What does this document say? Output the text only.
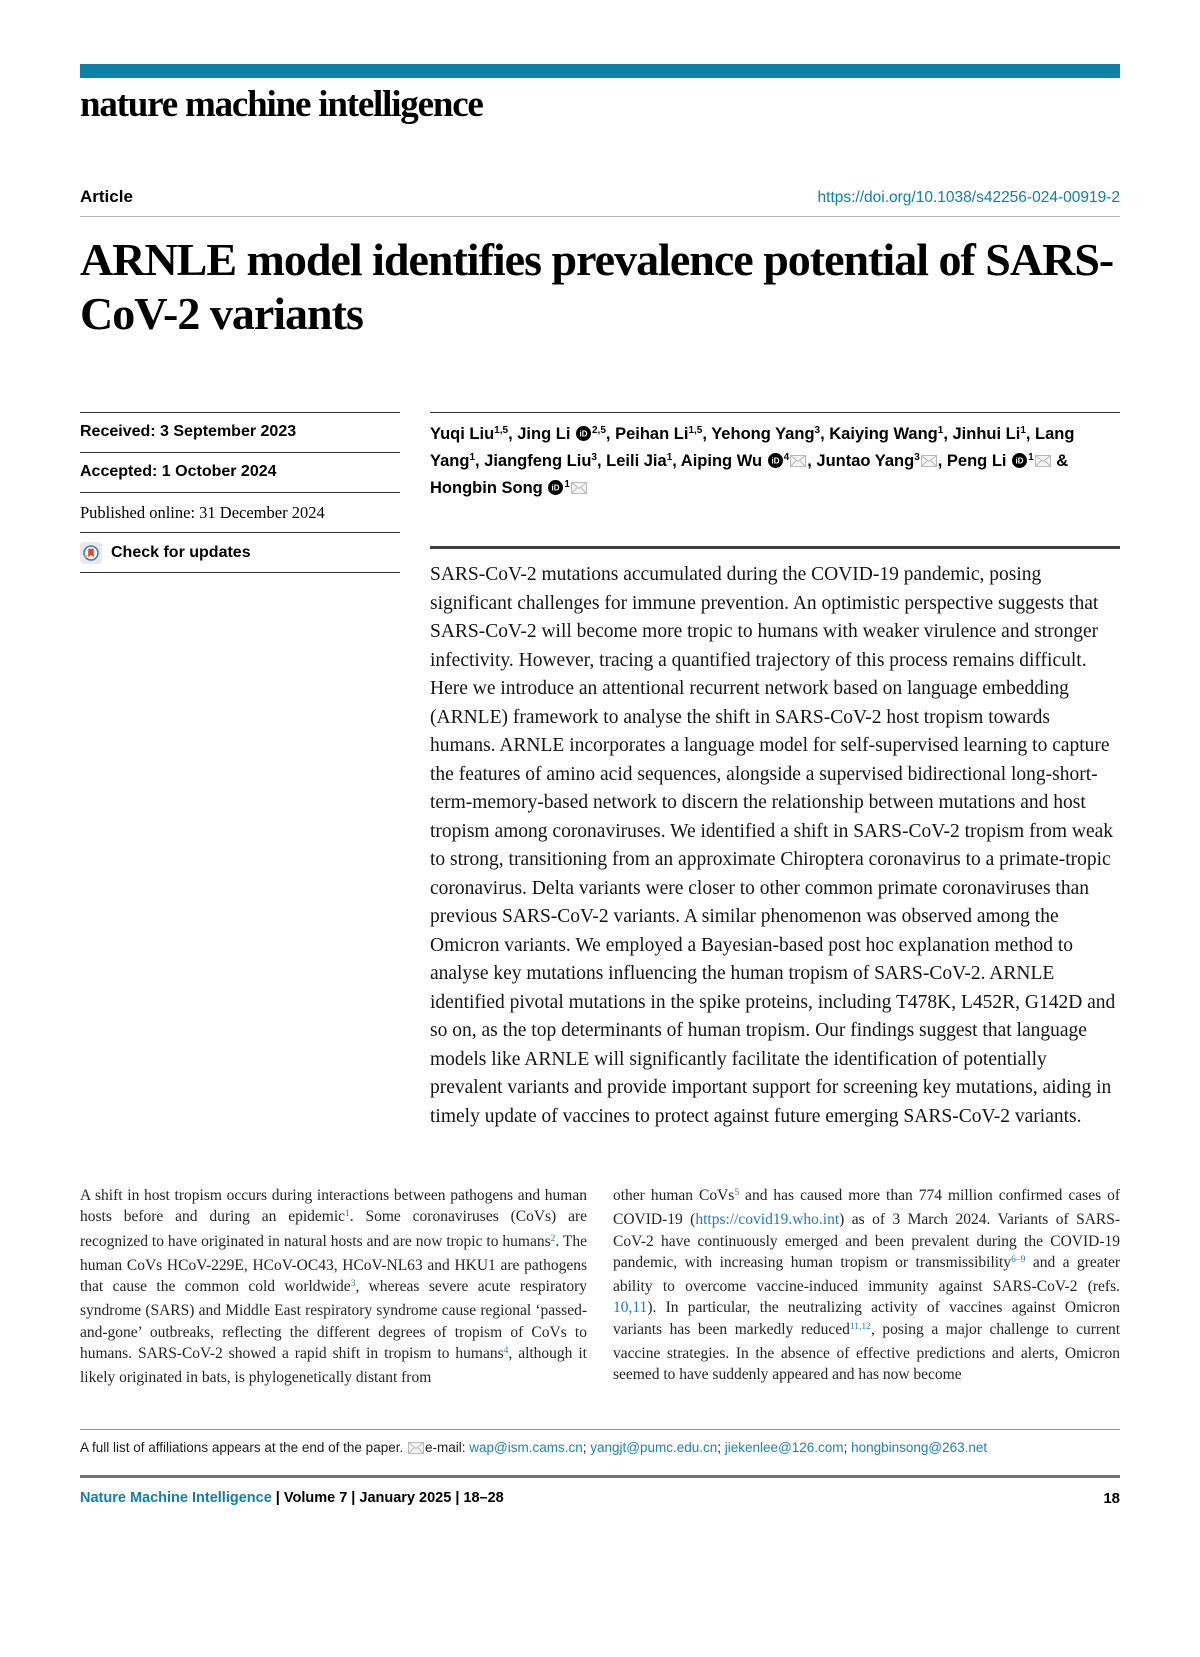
nature machine intelligence
Article	https://doi.org/10.1038/s42256-024-00919-2
ARNLE model identifies prevalence potential of SARS-CoV-2 variants
Received: 3 September 2023
Accepted: 1 October 2024
Published online: 31 December 2024
Check for updates
Yuqi Liu$^{1,5}$, Jing Li iD $^{2,5}$, Peihan Li$^{1,5}$, Yehong Yang$^3$, Kaiying Wang$^1$, Jinhui Li$^1$, Lang Yang$^1$, Jiangfeng Liu$^3$, Leili Jia$^1$, Aiping Wu iD $^4$ , Juntao Yang$^3$ , Peng Li iD $^1$ & Hongbin Song iD $^1$
SARS-CoV-2 mutations accumulated during the COVID-19 pandemic, posing significant challenges for immune prevention. An optimistic perspective suggests that SARS-CoV-2 will become more tropic to humans with weaker virulence and stronger infectivity. However, tracing a quantified trajectory of this process remains difficult. Here we introduce an attentional recurrent network based on language embedding (ARNLE) framework to analyse the shift in SARS-CoV-2 host tropism towards humans. ARNLE incorporates a language model for self-supervised learning to capture the features of amino acid sequences, alongside a supervised bidirectional long-short-term-memory-based network to discern the relationship between mutations and host tropism among coronaviruses. We identified a shift in SARS-CoV-2 tropism from weak to strong, transitioning from an approximate Chiroptera coronavirus to a primate-tropic coronavirus. Delta variants were closer to other common primate coronaviruses than previous SARS-CoV-2 variants. A similar phenomenon was observed among the Omicron variants. We employed a Bayesian-based post hoc explanation method to analyse key mutations influencing the human tropism of SARS-CoV-2. ARNLE identified pivotal mutations in the spike proteins, including T478K, L452R, G142D and so on, as the top determinants of human tropism. Our findings suggest that language models like ARNLE will significantly facilitate the identification of potentially prevalent variants and provide important support for screening key mutations, aiding in timely update of vaccines to protect against future emerging SARS-CoV-2 variants.

A shift in host tropism occurs during interactions between pathogens and human hosts before and during an epidemic$^1$. Some coronaviruses (CoVs) are recognized to have originated in natural hosts and are now tropic to humans$^2$. The human CoVs HCoV-229E, HCoV-OC43, HCoV-NL63 and HKU1 are pathogens that cause the common cold worldwide$^3$, whereas severe acute respiratory syndrome (SARS) and Middle East respiratory syndrome cause regional ‘passed-and-gone’ outbreaks, reflecting the different degrees of tropism of CoVs to humans. SARS-CoV-2 showed a rapid shift in tropism to humans$^4$, although it likely originated in bats, is phylogenetically distant from

other human CoVs$^5$ and has caused more than 774 million confirmed cases of COVID-19 (https://covid19.who.int) as of 3 March 2024. Variants of SARS-CoV-2 have continuously emerged and been prevalent during the COVID-19 pandemic, with increasing human tropism or transmissibility$^{6-9}$ and a greater ability to overcome vaccine-induced immunity against SARS-CoV-2 (refs. 10,11). In particular, the neutralizing activity of vaccines against Omicron variants has been markedly reduced$^{11,12}$, posing a major challenge to current vaccine strategies. In the absence of effective predictions and alerts, Omicron seemed to have suddenly appeared and has now become

A full list of affiliations appears at the end of the paper. e-mail: wap@ism.cams.cn; yangjt@pumc.edu.cn; jiekenlee@126.com; hongbinsong@263.net
Nature Machine Intelligence | Volume 7 | January 2025 | 18–28	18
